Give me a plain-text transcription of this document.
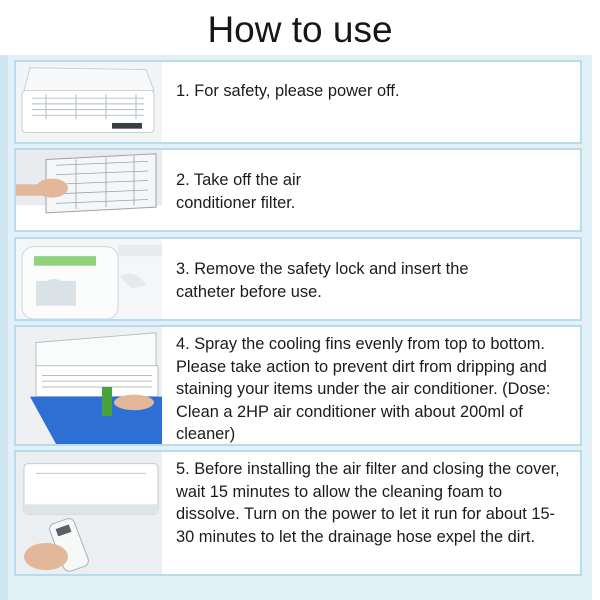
How to use
1. For safety, please power off.
2. Take off the air conditioner filter.
3. Remove the safety lock and insert the catheter before use.
4. Spray the cooling fins evenly from top to bottom. Please take action to prevent dirt from dripping and staining your items under the air conditioner. (Dose: Clean a 2HP air conditioner with about 200ml of cleaner)
5. Before installing the air filter and closing the cover, wait 15 minutes to allow the cleaning foam to dissolve. Turn on the power to let it run for about 15-30 minutes to let the drainage hose expel the dirt.
